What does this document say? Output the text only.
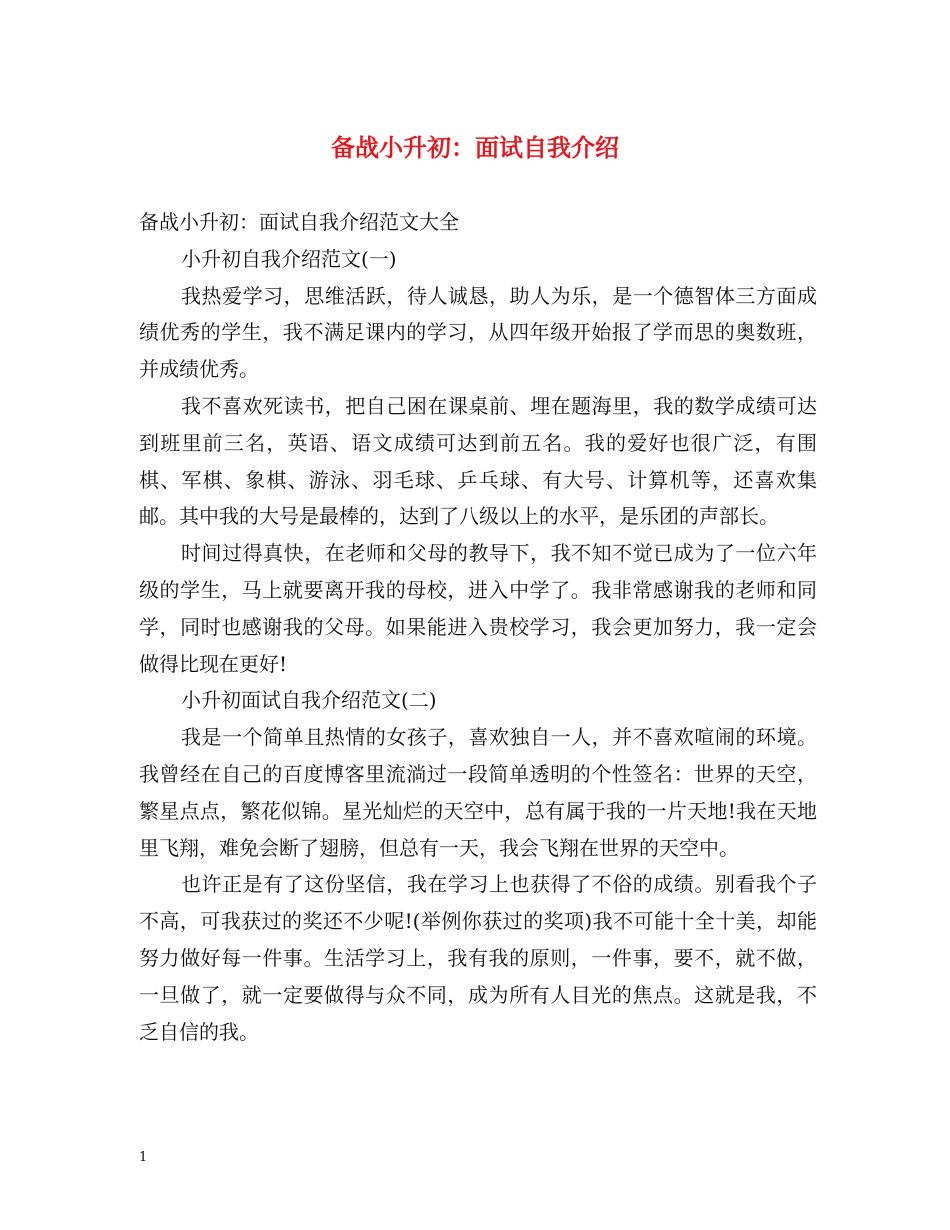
备战小升初：面试自我介绍

备战小升初：面试自我介绍范文大全

小升初自我介绍范文(一)

我热爱学习，思维活跃，待人诚恳，助人为乐，是一个德智体三方面成绩优秀的学生，我不满足课内的学习，从四年级开始报了学而思的奥数班，并成绩优秀。

我不喜欢死读书，把自己困在课桌前、埋在题海里，我的数学成绩可达到班里前三名，英语、语文成绩可达到前五名。我的爱好也很广泛，有围棋、军棋、象棋、游泳、羽毛球、乒乓球、有大号、计算机等，还喜欢集邮。其中我的大号是最棒的，达到了八级以上的水平，是乐团的声部长。

时间过得真快，在老师和父母的教导下，我不知不觉已成为了一位六年级的学生，马上就要离开我的母校，进入中学了。我非常感谢我的老师和同学，同时也感谢我的父母。如果能进入贵校学习，我会更加努力，我一定会做得比现在更好!

小升初面试自我介绍范文(二)

我是一个简单且热情的女孩子，喜欢独自一人，并不喜欢喧闹的环境。我曾经在自己的百度博客里流淌过一段简单透明的个性签名：世界的天空，繁星点点，繁花似锦。星光灿烂的天空中，总有属于我的一片天地!我在天地里飞翔，难免会断了翅膀，但总有一天，我会飞翔在世界的天空中。

也许正是有了这份坚信，我在学习上也获得了不俗的成绩。别看我个子不高，可我获过的奖还不少呢!(举例你获过的奖项)我不可能十全十美，却能努力做好每一件事。生活学习上，我有我的原则，一件事，要不，就不做，一旦做了，就一定要做得与众不同，成为所有人目光的焦点。这就是我，不乏自信的我。

1
